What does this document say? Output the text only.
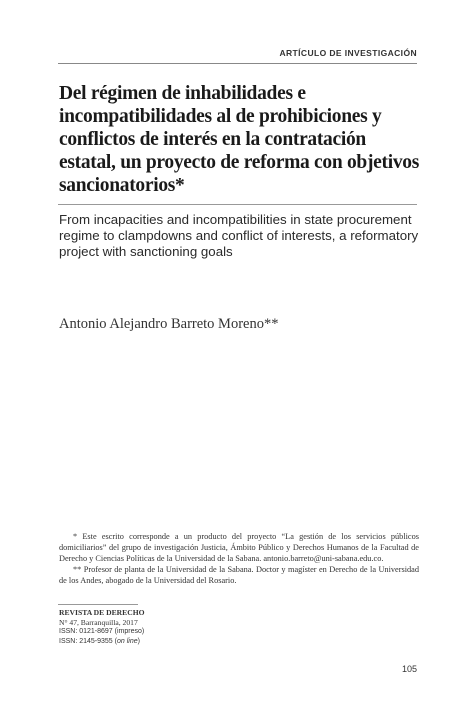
ARTÍCULO DE INVESTIGACIÓN
Del régimen de inhabilidades e incompatibilidades al de prohibiciones y conflictos de interés en la contratación estatal, un proyecto de reforma con objetivos sancionatorios*
From incapacities and incompatibilities in state procurement regime to clampdowns and conflict of interests, a reformatory project with sanctioning goals
Antonio Alejandro Barreto Moreno**

* Este escrito corresponde a un producto del proyecto “La gestión de los servicios públicos domiciliarios” del grupo de investigación Justicia, Ámbito Público y Derechos Humanos de la Facultad de Derecho y Ciencias Políticas de la Universidad de la Sabana. antonio.barreto@uni-sabana.edu.co.

** Profesor de planta de la Universidad de la Sabana. Doctor y magíster en Derecho de la Universidad de los Andes, abogado de la Universidad del Rosario.

REVISTA DE DERECHO
N° 47, Barranquilla, 2017
ISSN: 0121-8697 (impreso)
ISSN: 2145-9355 (on line)
105
